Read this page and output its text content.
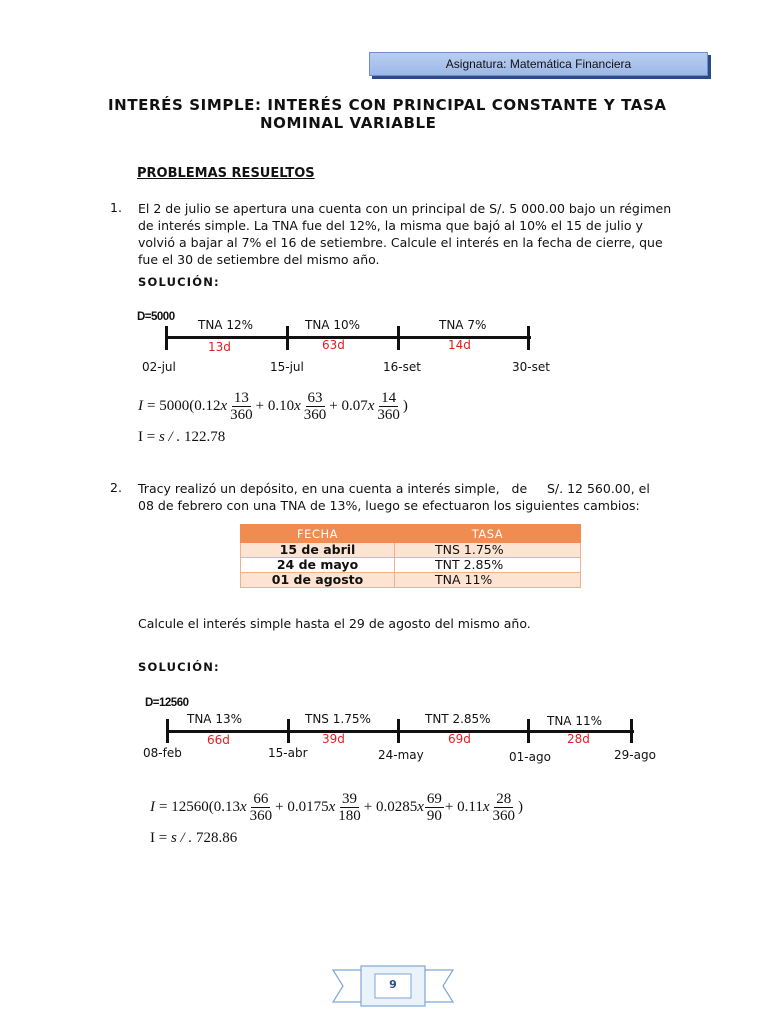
Asignatura: Matemática Financiera
INTERÉS SIMPLE: INTERÉS CON PRINCIPAL CONSTANTE Y TASA
NOMINAL VARIABLE
PROBLEMAS RESUELTOS
1. El 2 de julio se apertura una cuenta con un principal de S/. 5 000.00 bajo un régimen
de interés simple. La TNA fue del 12%, la misma que bajó al 10% el 15 de julio y
volvió a bajar al 7% el 16 de setiembre. Calcule el interés en la fecha de cierre, que
fue el 30 de setiembre del mismo año.
SOLUCIÓN:
D=5000
TNA 12%	TNA 10%	TNA 7%
13d	63d	14d
02-jul	15-jul	16-set	30-set
I = 5000(0.12 x $\frac{13}{360} + 0.10$ x $\frac{63}{360} + 0.07$ x $\frac{14}{360}$ )
I = s / . 122.78
2. Tracy realizó un depósito, en una cuenta a interés simple,   de     S/. 12 560.00, el
08 de febrero con una TNA de 13%, luego se efectuaron los siguientes cambios:
FECHA	TASA
15 de abril	TNS 1.75%
24 de mayo	TNT 2.85%
01 de agosto	TNA 11%
Calcule el interés simple hasta el 29 de agosto del mismo año.
SOLUCIÓN:
D=12560
TNA 13%	TNS 1.75%	TNT 2.85%	TNA 11%
66d	39d	69d	28d
08-feb	15-abr	24-may	01-ago	29-ago
I = 12560(0.13 x $\frac{66}{360} + 0.0175$ x $\frac{39}{180} + 0.0285$ x $\frac{69}{90} + 0.11$ x $\frac{28}{360}$ )
I = s / . 728.86
9
